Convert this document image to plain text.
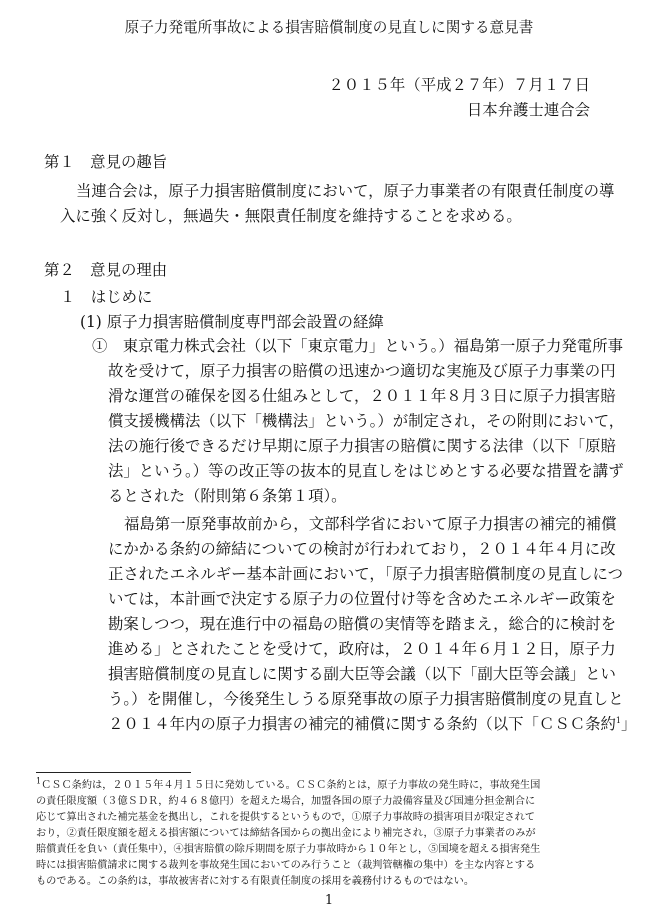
原子力発電所事故による損害賠償制度の見直しに関する意見書
２０１５年（平成２７年）７月１７日
日本弁護士連合会
第１　意見の趣旨
当連合会は，原子力損害賠償制度において，原子力事業者の有限責任制度の導
入に強く反対し，無過失・無限責任制度を維持することを求める。
第２　意見の理由
１　はじめに
(1) 原子力損害賠償制度専門部会設置の経緯
①　東京電力株式会社（以下「東京電力」という。）福島第一原子力発電所事
故を受けて，原子力損害の賠償の迅速かつ適切な実施及び原子力事業の円
滑な運営の確保を図る仕組みとして，２０１１年８月３日に原子力損害賠
償支援機構法（以下「機構法」という。）が制定され，その附則において，
法の施行後できるだけ早期に原子力損害の賠償に関する法律（以下「原賠
法」という。）等の改正等の抜本的見直しをはじめとする必要な措置を講ず
るとされた（附則第６条第１項）。
福島第一原発事故前から，文部科学省において原子力損害の補完的補償
にかかる条約の締結についての検討が行われており，２０１４年４月に改
正されたエネルギー基本計画において，「原子力損害賠償制度の見直しにつ
いては，本計画で決定する原子力の位置付け等を含めたエネルギー政策を
勘案しつつ，現在進行中の福島の賠償の実情等を踏まえ，総合的に検討を
進める」とされたことを受けて，政府は，２０１４年６月１２日，原子力
損害賠償制度の見直しに関する副大臣等会議（以下「副大臣等会議」とい
う。）を開催し，今後発生しうる原発事故の原子力損害賠償制度の見直しと
２０１４年内の原子力損害の補完的補償に関する条約（以下「ＣＳＣ条約$^1$」
$^1$ＣＳＣ条約は，２０１５年４月１５日に発効している。ＣＳＣ条約とは，原子力事故の発生時に，事故発生国
の責任限度額（３億ＳＤＲ，約４６８億円）を超えた場合，加盟各国の原子力設備容量及び国連分担金割合に
応じて算出された補完基金を拠出し，これを提供するというもので，①原子力事故時の損害項目が限定されて
おり，②責任限度額を超える損害額については締結各国からの拠出金により補完され，③原子力事業者のみが
賠償責任を負い（責任集中），④損害賠償の除斥期間を原子力事故時から１０年とし，⑤国境を超える損害発生
時には損害賠償請求に関する裁判を事故発生国においてのみ行うこと（裁判管轄権の集中）を主な内容とする
ものである。この条約は，事故被害者に対する有限責任制度の採用を義務付けるものではない。
1
